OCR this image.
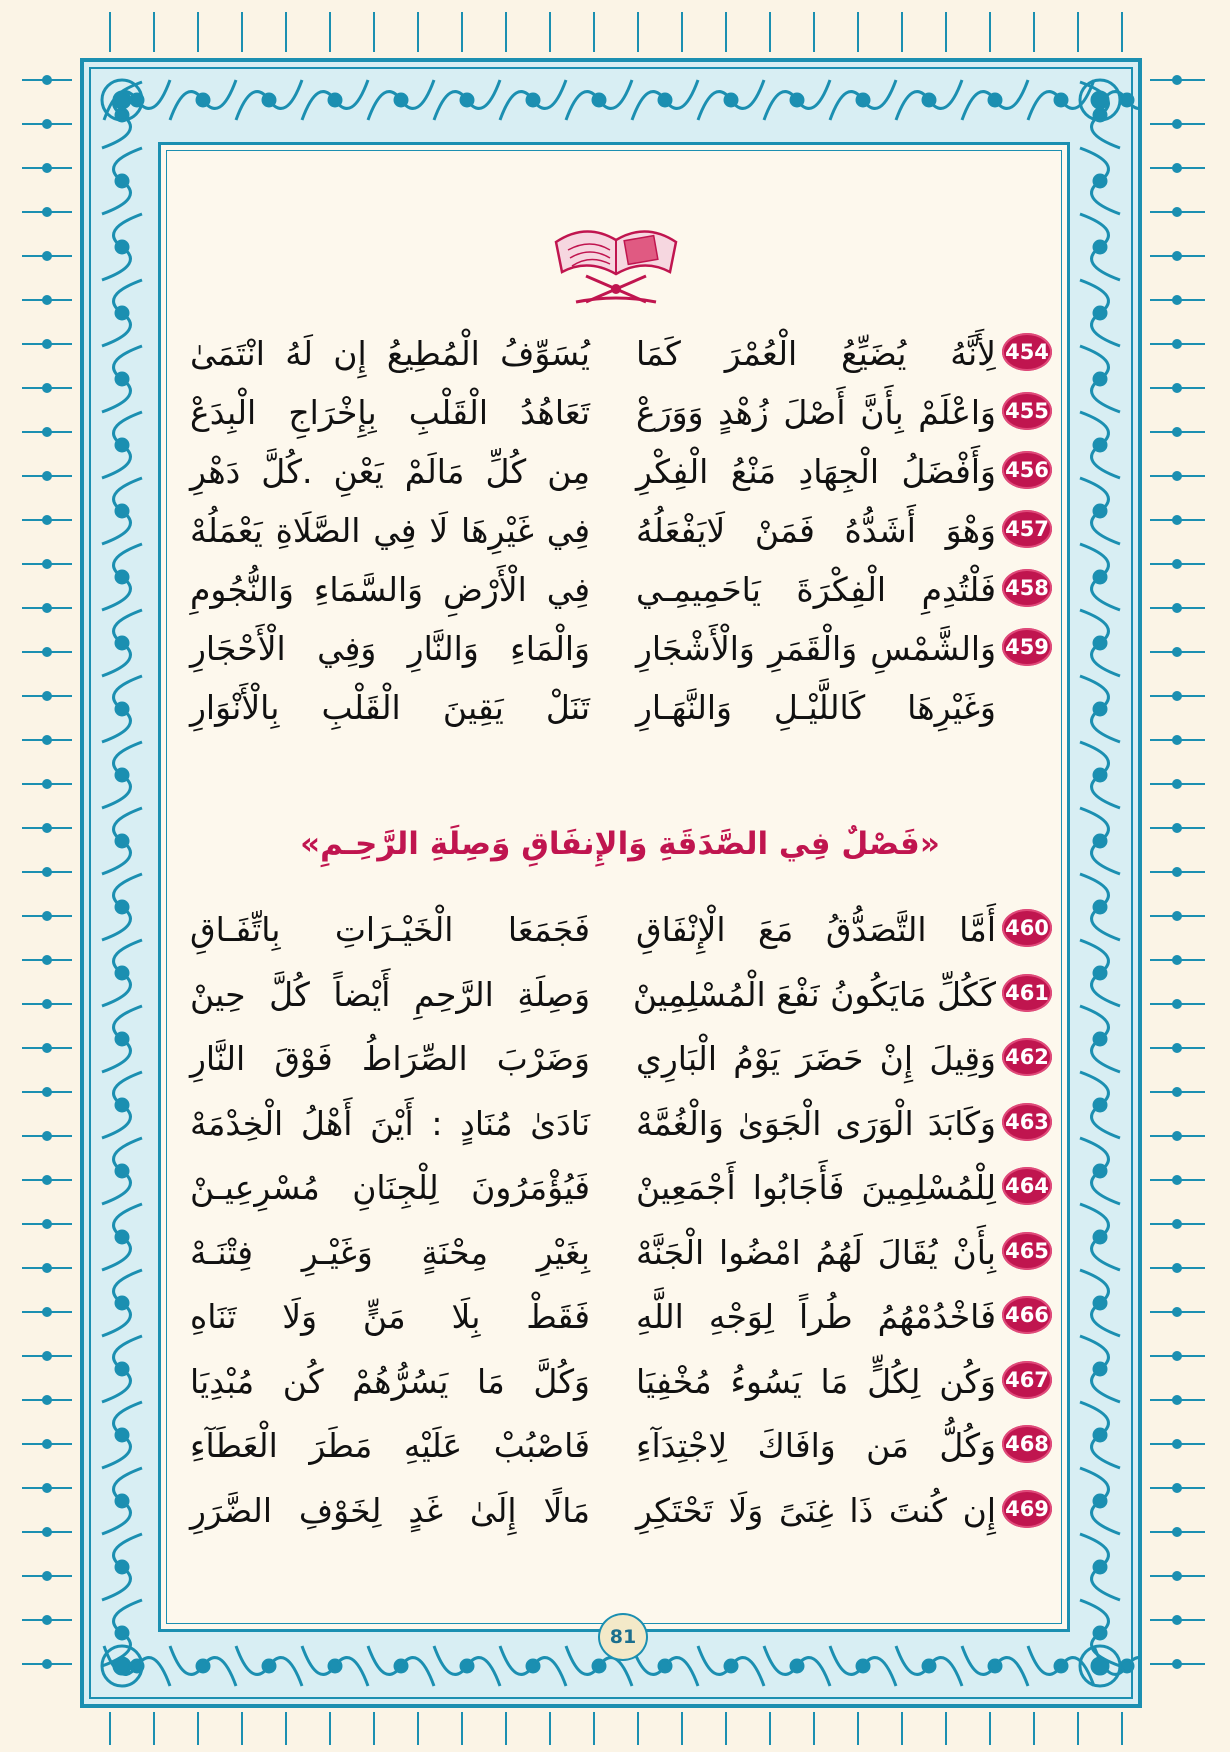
454
لِأَنَّهُ يُضَيِّعُ الْعُمْرَ كَمَا
يُسَوِّفُ الْمُطِيعُ إِن لَهُ انْتَمَىٰ
455
وَاعْلَمْ بِأَنَّ أَصْلَ زُهْدٍ وَوَرَعْ
تَعَاهُدُ الْقَلْبِ بِإِخْرَاجِ الْبِدَعْ
456
وَأَفْضَلُ الْجِهَادِ مَنْعُ الْفِكْرِ
مِن كُلِّ مَالَمْ يَعْنِ .كُلَّ دَهْرِ
457
وَهْوَ أَشَدُّهُ فَمَنْ لَايَفْعَلُهُ
فِي غَيْرِهَا لَا فِي الصَّلَاةِ يَعْمَلُهْ
458
فَلْتُدِمِ الْفِكْرَةَ يَاحَمِيمِـي
فِي الْأَرْضِ وَالسَّمَاءِ وَالنُّجُومِ
459
وَالشَّمْسِ وَالْقَمَرِ وَالْأَشْجَارِ
وَالْمَاءِ وَالنَّارِ وَفِي الْأَحْجَارِ
وَغَيْرِهَا كَاللَّيْـلِ وَالنَّهَـارِ
تَنَلْ يَقِينَ الْقَلْبِ بِالْأَنْوَارِ
«فَصْلٌ فِي الصَّدَقَةِ وَالإِنفَاقِ وَصِلَةِ الرَّحِـمِ»
460
أَمَّا التَّصَدُّقُ مَعَ الْإِنْفَاقِ
فَجَمَعَا الْخَيْـرَاتِ بِاتِّفَـاقِ
461
كَكُلِّ مَايَكُونُ نَفْعَ الْمُسْلِمِينْ
وَصِلَةِ الرَّحِمِ أَيْضاً كُلَّ حِينْ
462
وَقِيلَ إِنْ حَضَرَ يَوْمُ الْبَارِي
وَضَرْبَ الصِّرَاطُ فَوْقَ النَّارِ
463
وَكَابَدَ الْوَرَى الْجَوَىٰ وَالْغُمَّهْ
نَادَىٰ مُنَادٍ : أَيْنَ أَهْلُ الْخِدْمَهْ
464
لِلْمُسْلِمِينَ فَأَجَابُوا أَجْمَعِينْ
فَيُؤْمَرُونَ لِلْجِنَانِ مُسْرِعِيـنْ
465
بِأَنْ يُقَالَ لَهُمُ امْضُوا الْجَنَّهْ
بِغَيْرِ مِحْنَةٍ وَغَيْـرِ فِتْنَـهْ
466
فَاخْدُمْهُمُ طُراً لِوَجْهِ اللَّهِ
فَقَطْ بِلَا مَنٍّ وَلَا تَنَاهِ
467
وَكُن لِكُلٍّ مَا يَسُوءُ مُخْفِيَا
وَكُلَّ مَا يَسُرُّهُمْ كُن مُبْدِيَا
468
وَكُلُّ مَن وَافَاكَ لِاجْتِدَآءِ
فَاصْبُبْ عَلَيْهِ مَطَرَ الْعَطَآءِ
469
إِن كُنتَ ذَا غِنَىً وَلَا تَحْتَكِرِ
مَالًا إِلَىٰ غَدٍ لِخَوْفِ الضَّرَرِ
81
